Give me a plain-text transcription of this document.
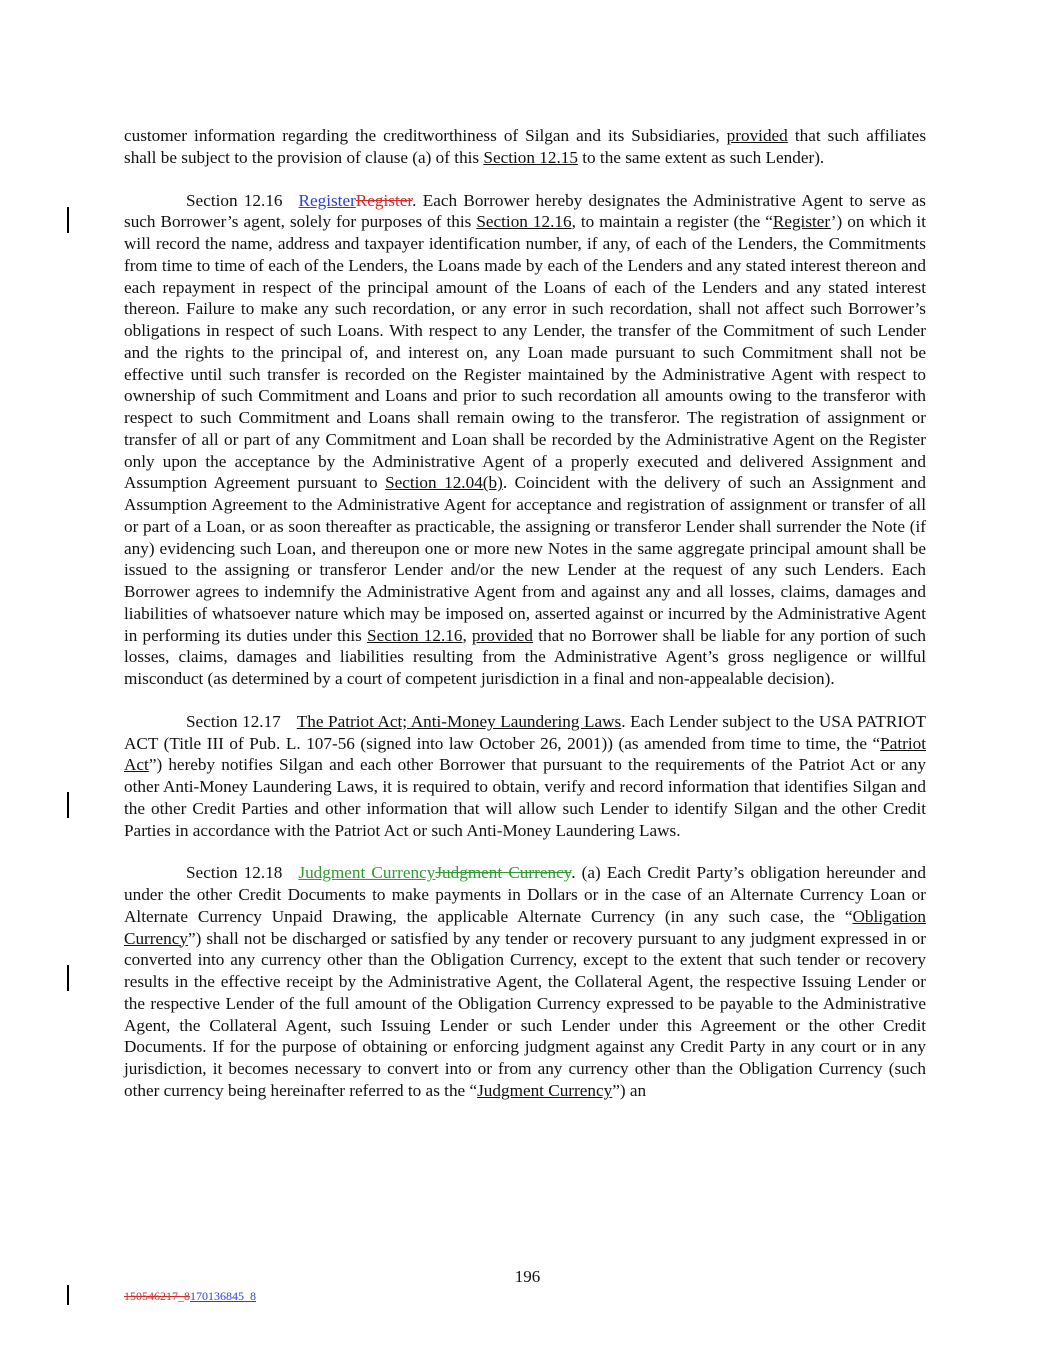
customer information regarding the creditworthiness of Silgan and its Subsidiaries, provided that such affiliates shall be subject to the provision of clause (a) of this Section 12.15 to the same extent as such Lender).

Section 12.16 RegisterRegister. Each Borrower hereby designates the Administrative Agent to serve as such Borrower’s agent, solely for purposes of this Section 12.16, to maintain a register (the “Register’) on which it will record the name, address and taxpayer identification number, if any, of each of the Lenders, the Commitments from time to time of each of the Lenders, the Loans made by each of the Lenders and any stated interest thereon and each repayment in respect of the principal amount of the Loans of each of the Lenders and any stated interest thereon. Failure to make any such recordation, or any error in such recordation, shall not affect such Borrower’s obligations in respect of such Loans. With respect to any Lender, the transfer of the Commitment of such Lender and the rights to the principal of, and interest on, any Loan made pursuant to such Commitment shall not be effective until such transfer is recorded on the Register maintained by the Administrative Agent with respect to ownership of such Commitment and Loans and prior to such recordation all amounts owing to the transferor with respect to such Commitment and Loans shall remain owing to the transferor. The registration of assignment or transfer of all or part of any Commitment and Loan shall be recorded by the Administrative Agent on the Register only upon the acceptance by the Administrative Agent of a properly executed and delivered Assignment and Assumption Agreement pursuant to Section 12.04(b). Coincident with the delivery of such an Assignment and Assumption Agreement to the Administrative Agent for acceptance and registration of assignment or transfer of all or part of a Loan, or as soon thereafter as practicable, the assigning or transferor Lender shall surrender the Note (if any) evidencing such Loan, and thereupon one or more new Notes in the same aggregate principal amount shall be issued to the assigning or transferor Lender and/or the new Lender at the request of any such Lenders. Each Borrower agrees to indemnify the Administrative Agent from and against any and all losses, claims, damages and liabilities of whatsoever nature which may be imposed on, asserted against or incurred by the Administrative Agent in performing its duties under this Section 12.16, provided that no Borrower shall be liable for any portion of such losses, claims, damages and liabilities resulting from the Administrative Agent’s gross negligence or willful misconduct (as determined by a court of competent jurisdiction in a final and non-appealable decision).

Section 12.17 The Patriot Act; Anti-Money Laundering Laws. Each Lender subject to the USA PATRIOT ACT (Title III of Pub. L. 107-56 (signed into law October 26, 2001)) (as amended from time to time, the “Patriot Act”) hereby notifies Silgan and each other Borrower that pursuant to the requirements of the Patriot Act or any other Anti-Money Laundering Laws, it is required to obtain, verify and record information that identifies Silgan and the other Credit Parties and other information that will allow such Lender to identify Silgan and the other Credit Parties in accordance with the Patriot Act or such Anti-Money Laundering Laws.

Section 12.18 Judgment CurrencyJudgment Currency. (a) Each Credit Party’s obligation hereunder and under the other Credit Documents to make payments in Dollars or in the case of an Alternate Currency Loan or Alternate Currency Unpaid Drawing, the applicable Alternate Currency (in any such case, the “Obligation Currency”) shall not be discharged or satisfied by any tender or recovery pursuant to any judgment expressed in or converted into any currency other than the Obligation Currency, except to the extent that such tender or recovery results in the effective receipt by the Administrative Agent, the Collateral Agent, the respective Issuing Lender or the respective Lender of the full amount of the Obligation Currency expressed to be payable to the Administrative Agent, the Collateral Agent, such Issuing Lender or such Lender under this Agreement or the other Credit Documents. If for the purpose of obtaining or enforcing judgment against any Credit Party in any court or in any jurisdiction, it becomes necessary to convert into or from any currency other than the Obligation Currency (such other currency being hereinafter referred to as the “Judgment Currency”) an

196
150546217_8170136845_8
